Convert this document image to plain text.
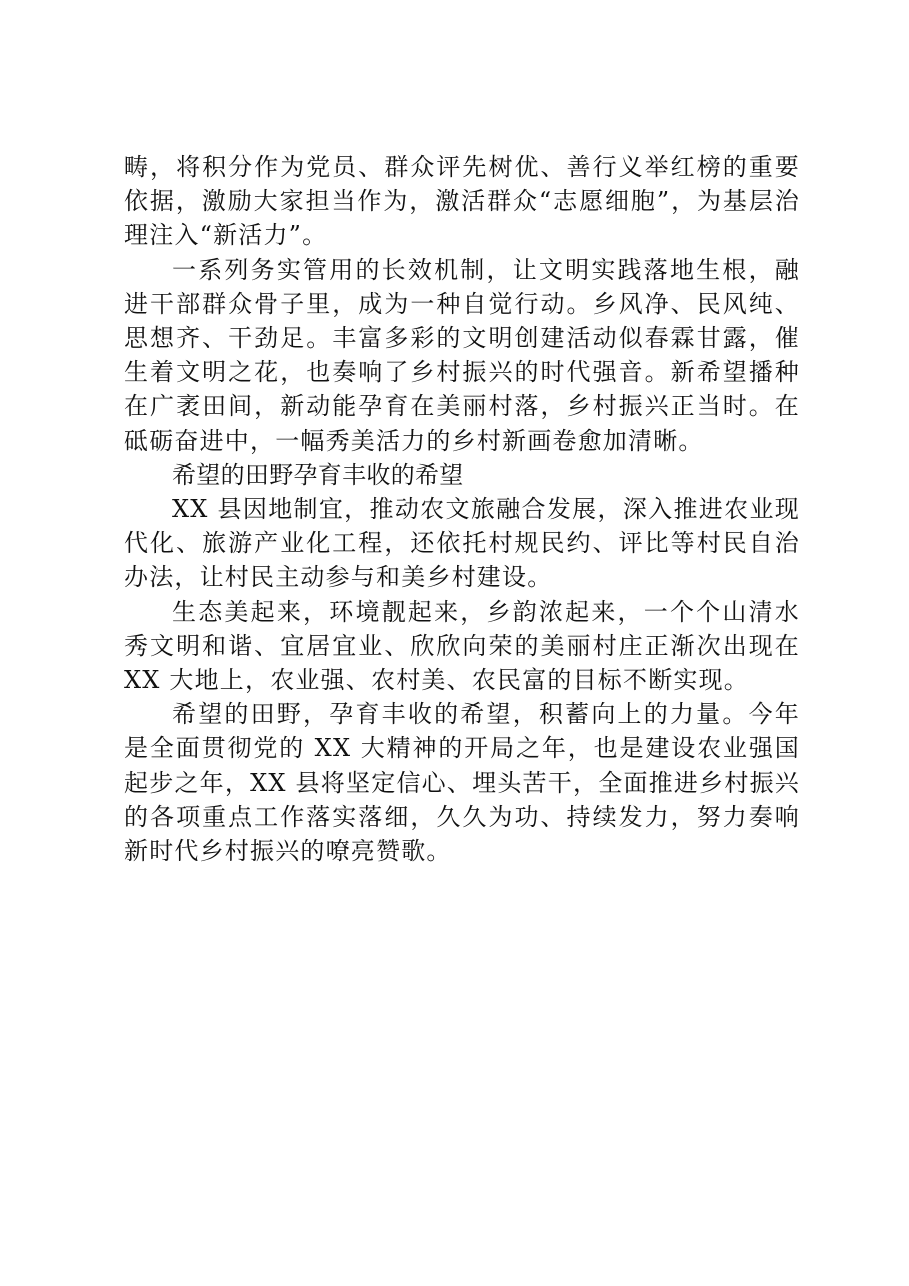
畴，将积分作为党员、群众评先树优、善行义举红榜的重要依据，激励大家担当作为，激活群众“志愿细胞”，为基层治理注入“新活力”。

一系列务实管用的长效机制，让文明实践落地生根，融进干部群众骨子里，成为一种自觉行动。乡风净、民风纯、思想齐、干劲足。丰富多彩的文明创建活动似春霖甘露，催生着文明之花，也奏响了乡村振兴的时代强音。新希望播种在广袤田间，新动能孕育在美丽村落，乡村振兴正当时。在砥砺奋进中，一幅秀美活力的乡村新画卷愈加清晰。

希望的田野孕育丰收的希望

XX 县因地制宜，推动农文旅融合发展，深入推进农业现代化、旅游产业化工程，还依托村规民约、评比等村民自治办法，让村民主动参与和美乡村建设。

生态美起来，环境靓起来，乡韵浓起来，一个个山清水秀文明和谐、宜居宜业、欣欣向荣的美丽村庄正渐次出现在 XX 大地上，农业强、农村美、农民富的目标不断实现。

希望的田野，孕育丰收的希望，积蓄向上的力量。今年是全面贯彻党的 XX 大精神的开局之年，也是建设农业强国起步之年，XX 县将坚定信心、埋头苦干，全面推进乡村振兴的各项重点工作落实落细，久久为功、持续发力，努力奏响新时代乡村振兴的嘹亮赞歌。
